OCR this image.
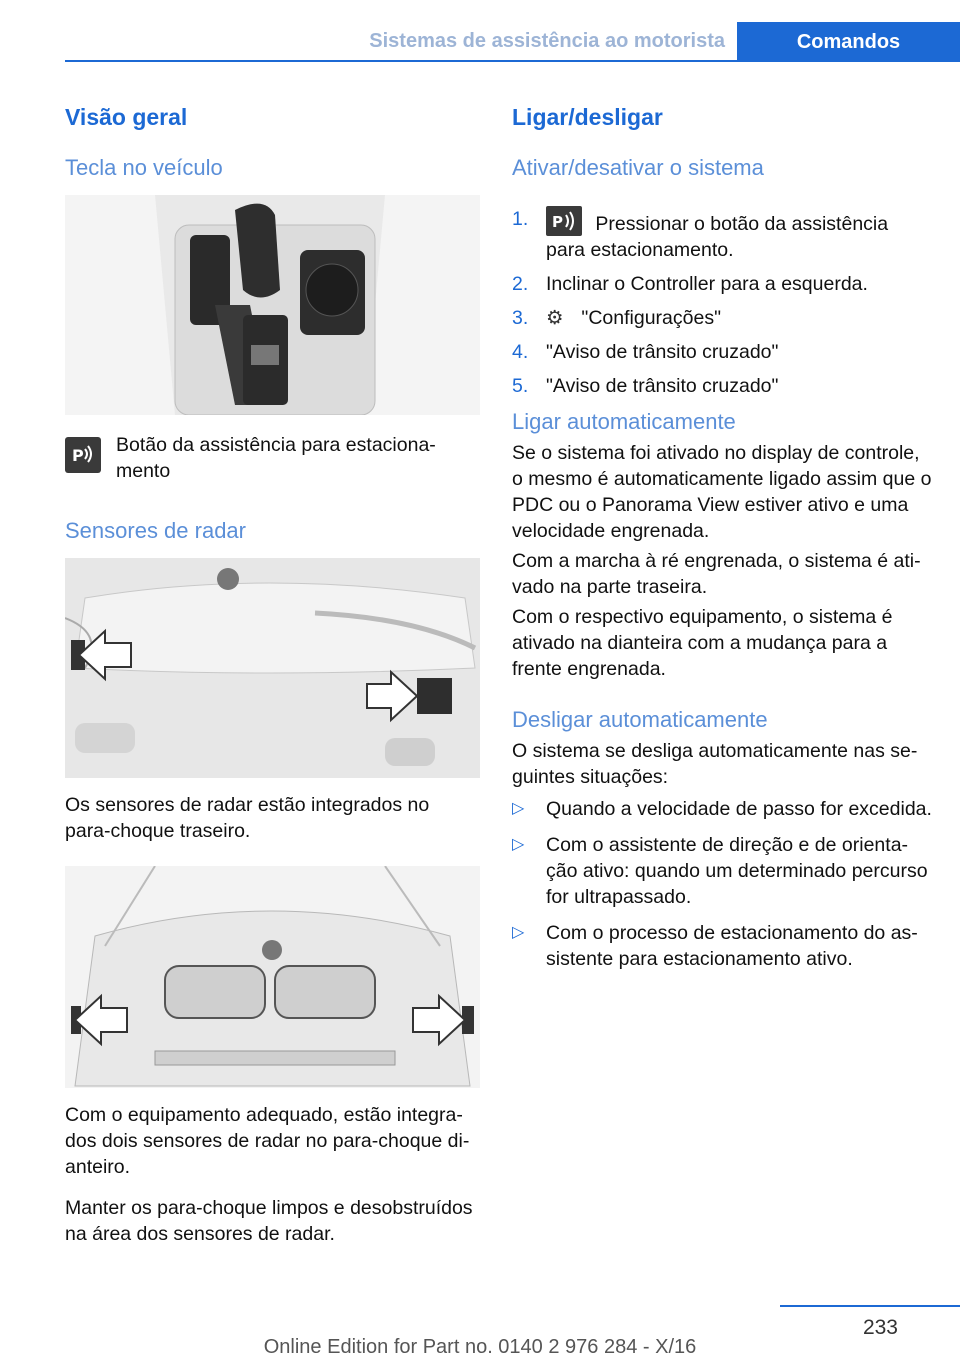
Sistemas de assistência ao motorista	Comandos
Visão geral
Tecla no veículo
P Botão da assistência para estacionamento
Sensores de radar
Os sensores de radar estão integrados no para-choque traseiro.
Com o equipamento adequado, estão integrados dois sensores de radar no para-choque dianteiro.
Manter os para-choque limpos e desobstruídos na área dos sensores de radar.
Ligar/desligar
Ativar/desativar o sistema
1. P Pressionar o botão da assistência para estacionamento.
2. Inclinar o Controller para a esquerda.
3. ⚙ "Configurações"
4. "Aviso de trânsito cruzado"
5. "Aviso de trânsito cruzado"
Ligar automaticamente
Se o sistema foi ativado no display de controle, o mesmo é automaticamente ligado assim que o PDC ou o Panorama View estiver ativo e uma velocidade engrenada.
Com a marcha à ré engrenada, o sistema é ativado na parte traseira.
Com o respectivo equipamento, o sistema é ativado na dianteira com a mudança para a frente engrenada.
Desligar automaticamente
O sistema se desliga automaticamente nas seguintes situações:
▷ Quando a velocidade de passo for excedida.
▷ Com o assistente de direção e de orientação ativo: quando um determinado percurso for ultrapassado.
▷ Com o processo de estacionamento do assistente para estacionamento ativo.
233
Online Edition for Part no. 0140 2 976 284 - X/16
